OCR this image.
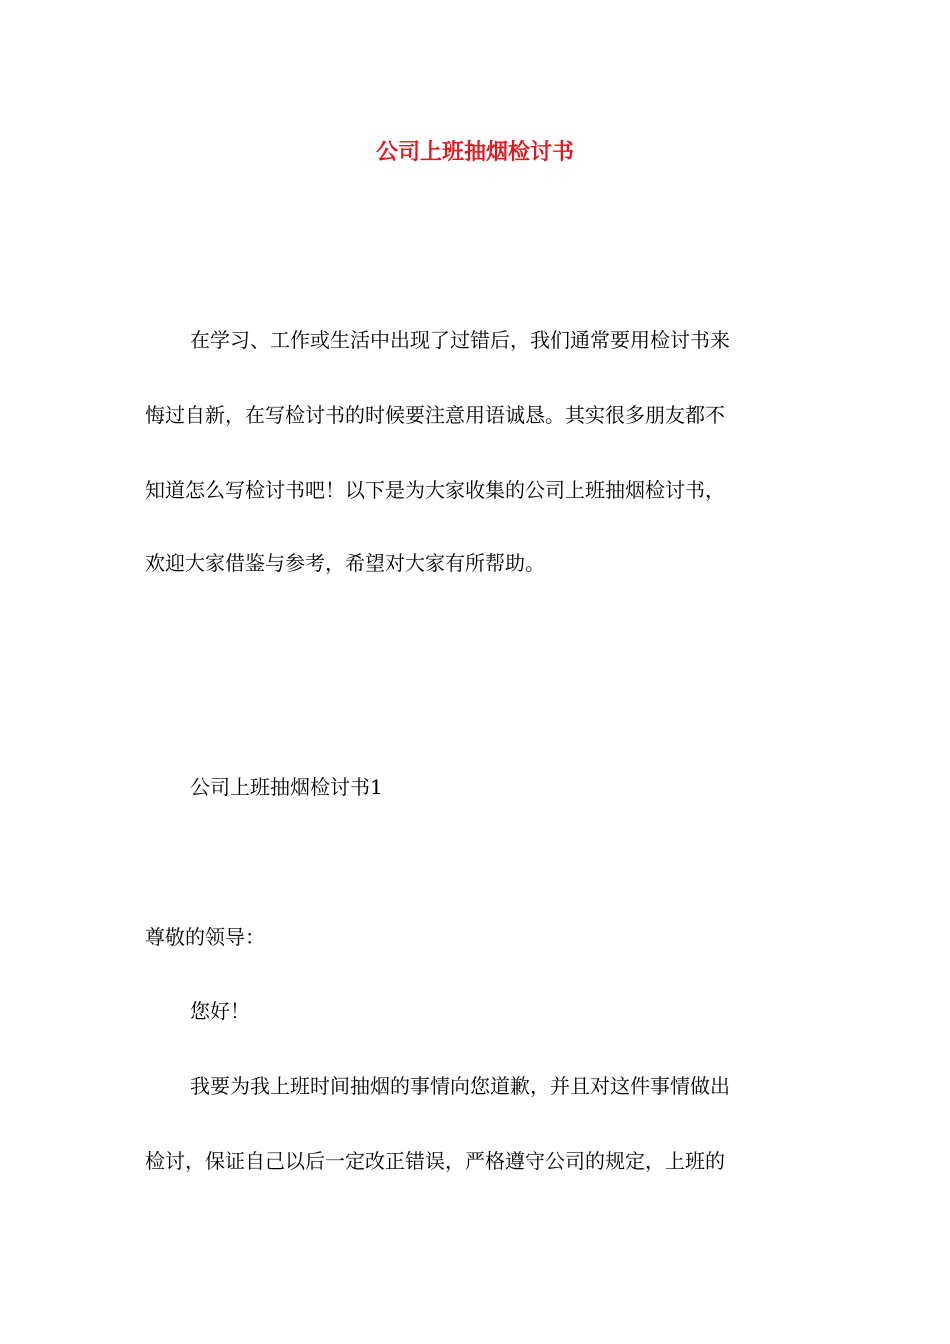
公司上班抽烟检讨书
在学习、工作或生活中出现了过错后，我们通常要用检讨书来
悔过自新，在写检讨书的时候要注意用语诚恳。其实很多朋友都不
知道怎么写检讨书吧！以下是为大家收集的公司上班抽烟检讨书，
欢迎大家借鉴与参考，希望对大家有所帮助。
公司上班抽烟检讨书1
尊敬的领导：
您好！
我要为我上班时间抽烟的事情向您道歉，并且对这件事情做出
检讨，保证自己以后一定改正错误，严格遵守公司的规定，上班的
